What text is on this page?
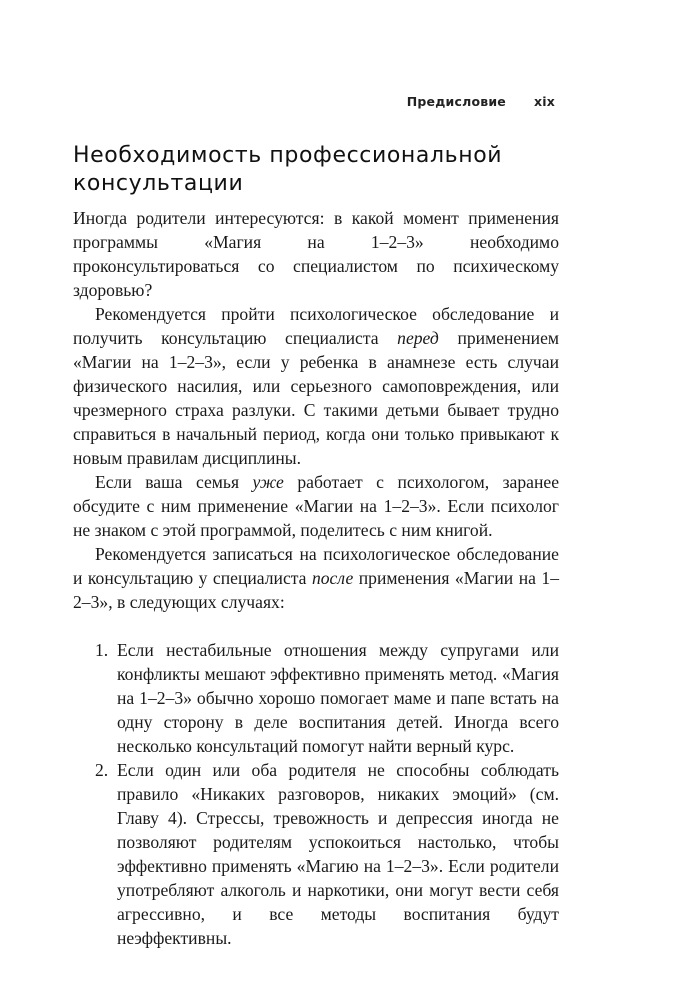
Предисловие xix
Необходимость профессиональной
консультации

Иногда родители интересуются: в какой момент применения программы «Магия на 1–2–3» необходимо проконсультироваться со специалистом по психическому здоровью?

Рекомендуется пройти психологическое обследование и получить консультацию специалиста перед применением «Магии на 1–2–3», если у ребенка в анамнезе есть случаи физического насилия, или серьезного самоповреждения, или чрезмерного страха разлуки. С такими детьми бывает трудно справиться в начальный период, когда они только привыкают к новым правилам дисциплины.

Если ваша семья уже работает с психологом, заранее обсудите с ним применение «Магии на 1–2–3». Если психолог не знаком с этой программой, поделитесь с ним книгой.

Рекомендуется записаться на психологическое обследование и консультацию у специалиста после применения «Магии на 1–2–3», в следующих случаях:

1. Если нестабильные отношения между супругами или конфликты мешают эффективно применять метод. «Магия на 1–2–3» обычно хорошо помогает маме и папе встать на одну сторону в деле воспитания детей. Иногда всего несколько консультаций помогут найти верный курс.
2. Если один или оба родителя не способны соблюдать правило «Никаких разговоров, никаких эмоций» (см. Главу 4). Стрессы, тревожность и депрессия иногда не позволяют родителям успокоиться настолько, чтобы эффективно применять «Магию на 1–2–3». Если родители употребляют алкоголь и наркотики, они могут вести себя агрессивно, и все методы воспитания будут неэффективны.
